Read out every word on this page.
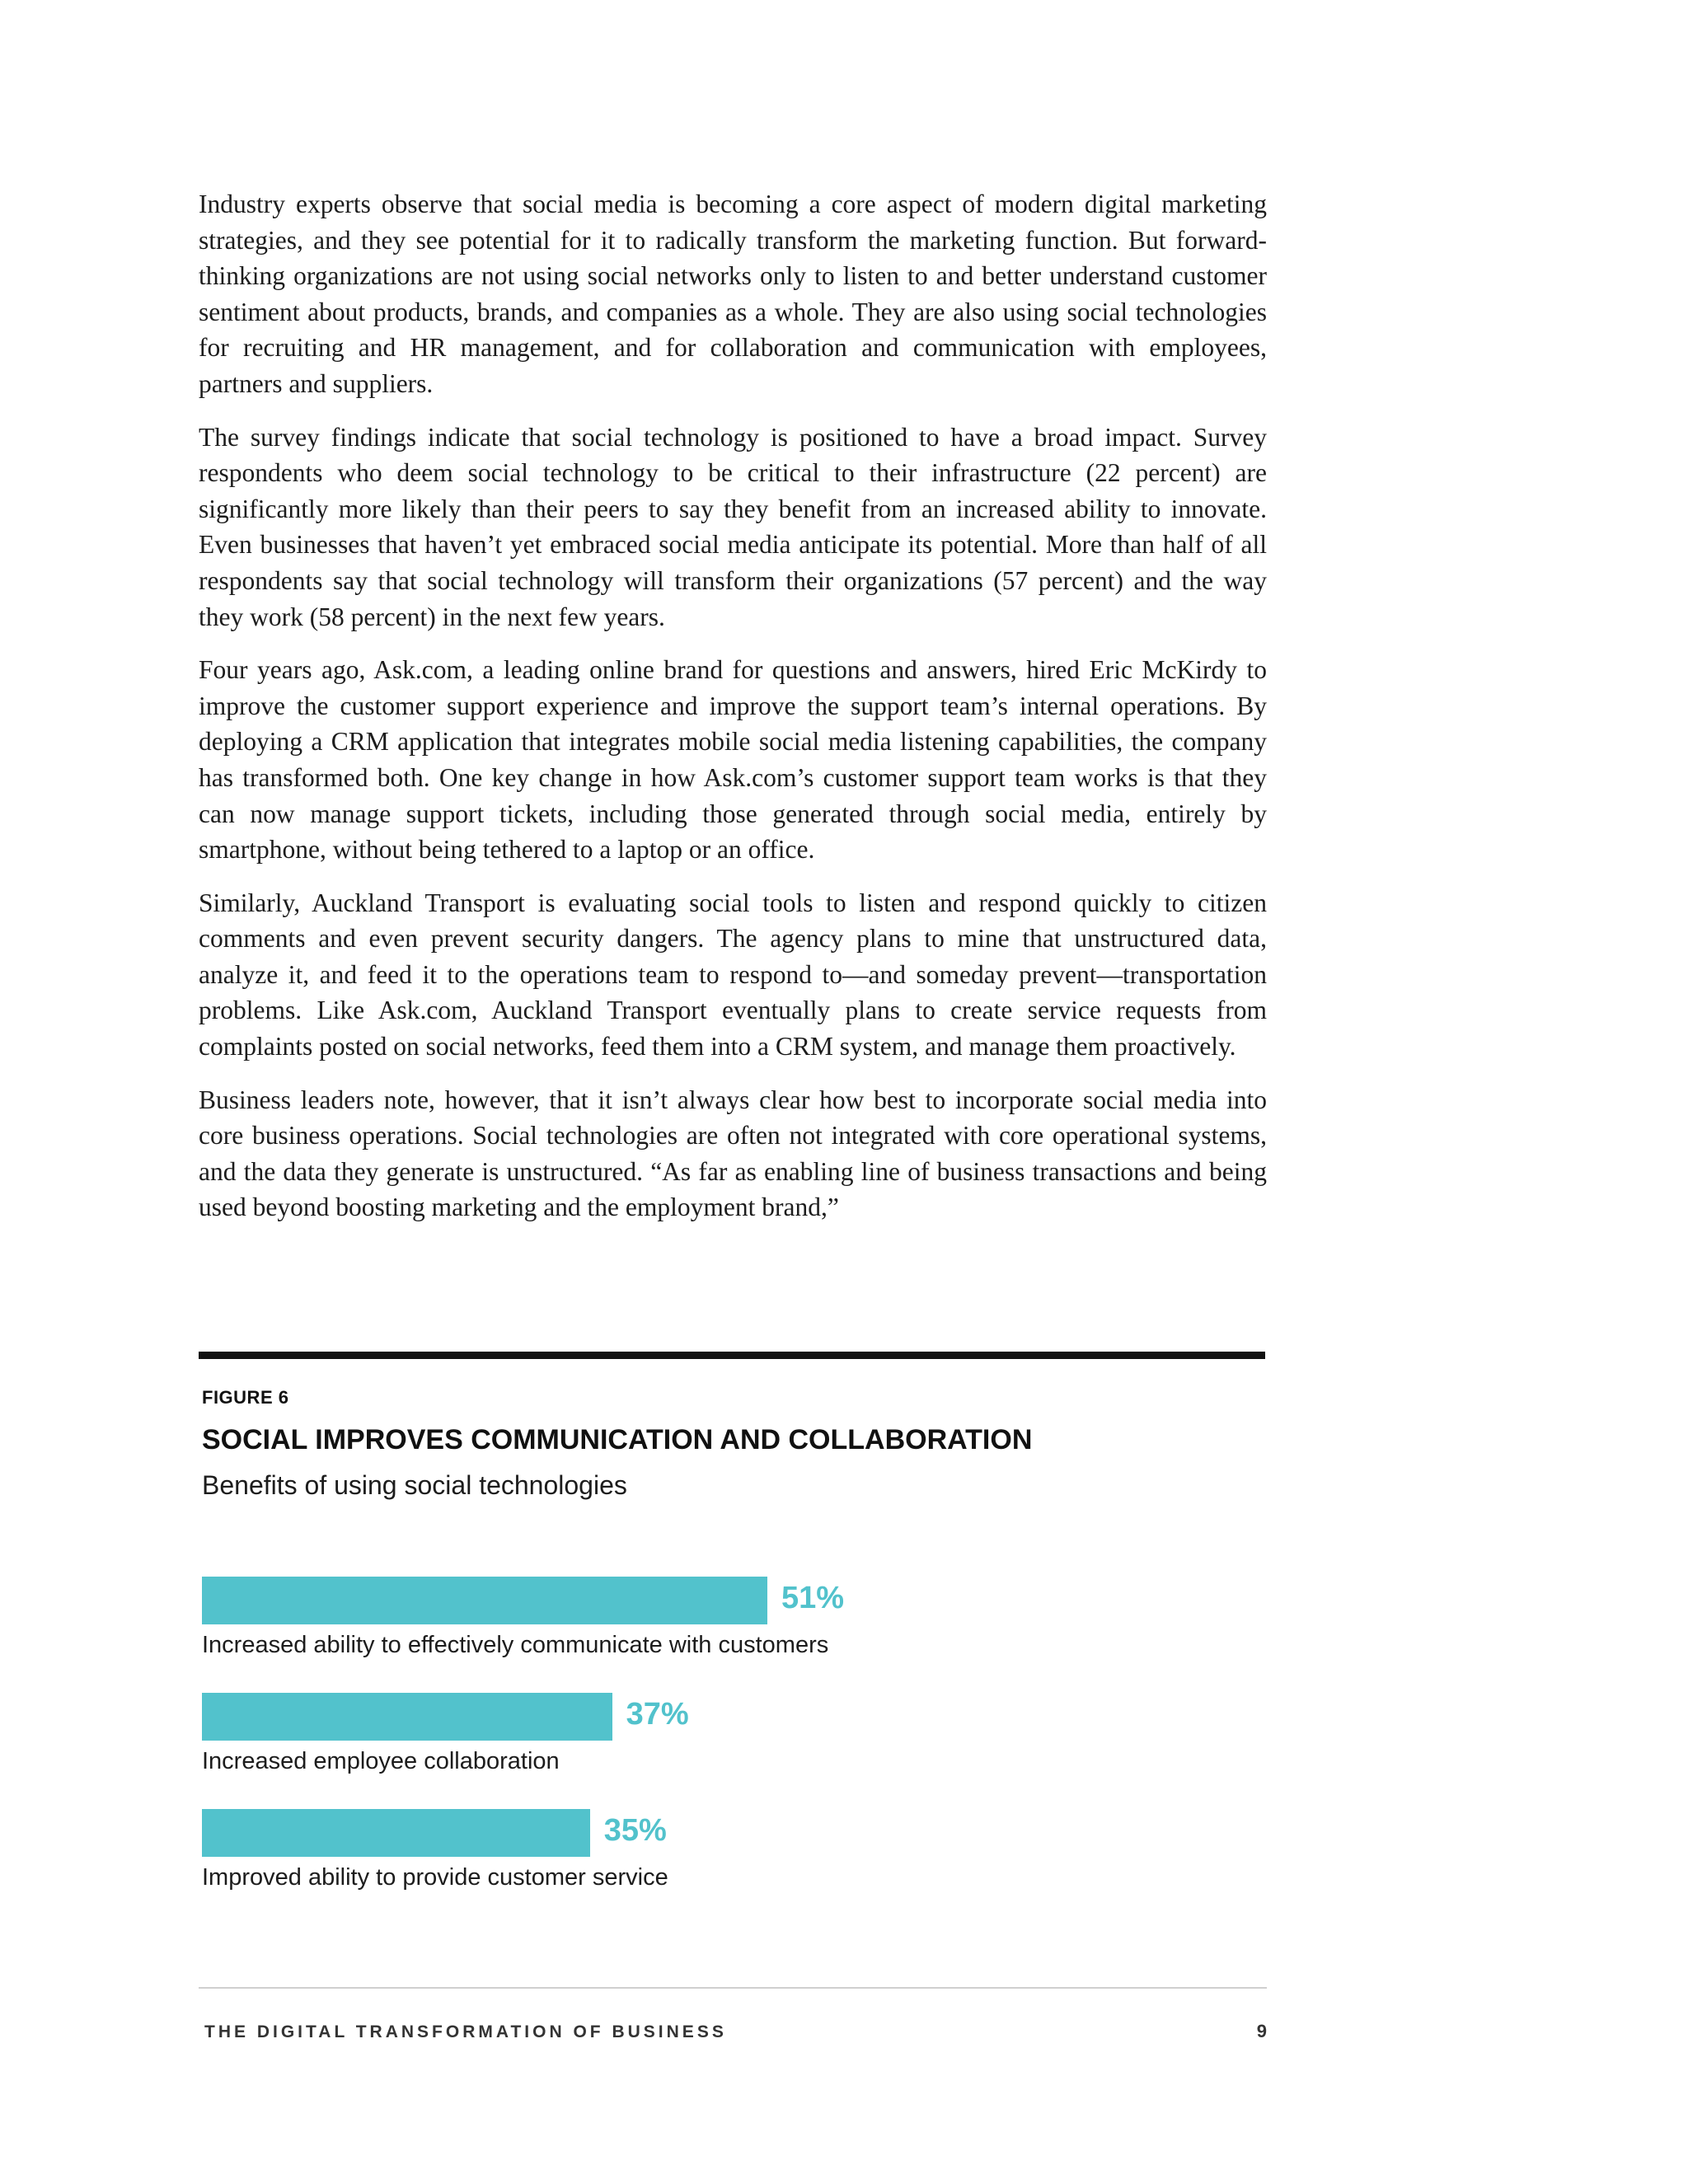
Industry experts observe that social media is becoming a core aspect of modern digital marketing strategies, and they see potential for it to radically transform the marketing function. But forward-thinking organizations are not using social networks only to listen to and better understand customer sentiment about products, brands, and companies as a whole. They are also using social technologies for recruiting and HR management, and for collaboration and communication with employees, partners and suppliers.

The survey findings indicate that social technology is positioned to have a broad impact. Survey respondents who deem social technology to be critical to their infrastructure (22 percent) are significantly more likely than their peers to say they benefit from an increased ability to innovate. Even businesses that haven’t yet embraced social media anticipate its potential. More than half of all respondents say that social technology will transform their organizations (57 percent) and the way they work (58 percent) in the next few years.

Four years ago, Ask.com, a leading online brand for questions and answers, hired Eric McKirdy to improve the customer support experience and improve the support team’s internal operations. By deploying a CRM application that integrates mobile social media listening capabilities, the company has transformed both. One key change in how Ask.com’s customer support team works is that they can now manage support tickets, including those generated through social media, entirely by smartphone, without being tethered to a laptop or an office.

Similarly, Auckland Transport is evaluating social tools to listen and respond quickly to citizen comments and even prevent security dangers. The agency plans to mine that unstructured data, analyze it, and feed it to the operations team to respond to—and someday prevent—transportation problems. Like Ask.com, Auckland Transport eventually plans to create service requests from complaints posted on social networks, feed them into a CRM system, and manage them proactively.

Business leaders note, however, that it isn’t always clear how best to incorporate social media into core business operations. Social technologies are often not integrated with core operational systems, and the data they generate is unstructured. “As far as enabling line of business transactions and being used beyond boosting marketing and the employment brand,”

FIGURE 6
SOCIAL IMPROVES COMMUNICATION AND COLLABORATION
Benefits of using social technologies
51%
Increased ability to effectively communicate with customers
37%
Increased employee collaboration
35%
Improved ability to provide customer service
THE DIGITAL TRANSFORMATION OF BUSINESS	9
